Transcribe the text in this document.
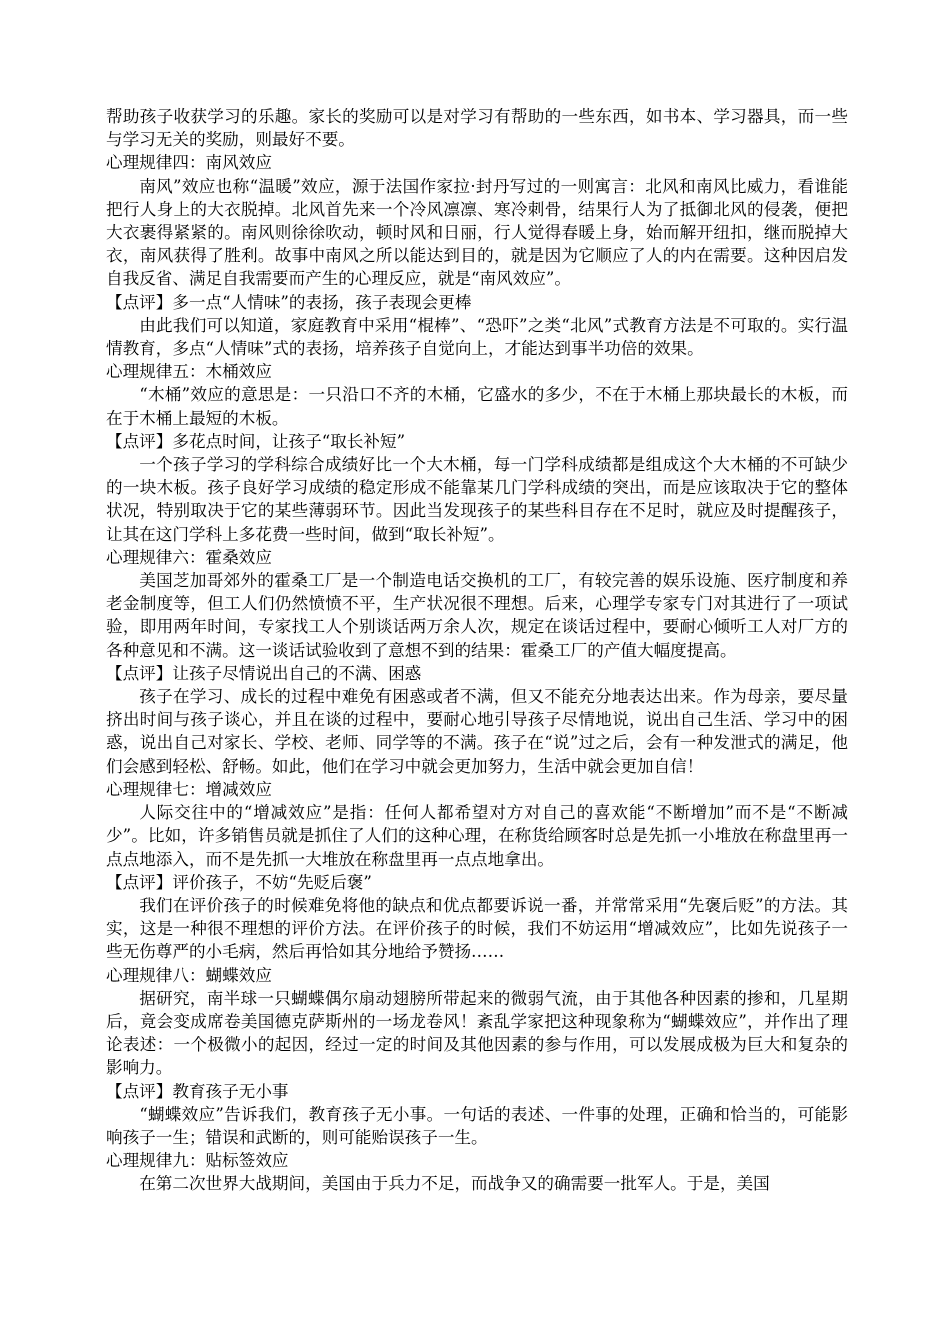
帮助孩子收获学习的乐趣。家长的奖励可以是对学习有帮助的一些东西，如书本、学习器具，而一些与学习无关的奖励，则最好不要。

心理规律四：南风效应

南风”效应也称“温暖”效应，源于法国作家拉·封丹写过的一则寓言：北风和南风比威力，看谁能把行人身上的大衣脱掉。北风首先来一个冷风凛凛、寒冷刺骨，结果行人为了抵御北风的侵袭，便把大衣裹得紧紧的。南风则徐徐吹动，顿时风和日丽，行人觉得春暖上身，始而解开纽扣，继而脱掉大衣，南风获得了胜利。故事中南风之所以能达到目的，就是因为它顺应了人的内在需要。这种因启发自我反省、满足自我需要而产生的心理反应，就是“南风效应”。

【点评】多一点“人情味”的表扬，孩子表现会更棒

由此我们可以知道，家庭教育中采用“棍棒”、“恐吓”之类“北风”式教育方法是不可取的。实行温情教育，多点“人情味”式的表扬，培养孩子自觉向上，才能达到事半功倍的效果。

心理规律五：木桶效应

“木桶”效应的意思是：一只沿口不齐的木桶，它盛水的多少，不在于木桶上那块最长的木板，而在于木桶上最短的木板。

【点评】多花点时间，让孩子“取长补短”

一个孩子学习的学科综合成绩好比一个大木桶，每一门学科成绩都是组成这个大木桶的不可缺少的一块木板。孩子良好学习成绩的稳定形成不能靠某几门学科成绩的突出，而是应该取决于它的整体状况，特别取决于它的某些薄弱环节。因此当发现孩子的某些科目存在不足时，就应及时提醒孩子，让其在这门学科上多花费一些时间，做到“取长补短”。

心理规律六：霍桑效应

美国芝加哥郊外的霍桑工厂是一个制造电话交换机的工厂，有较完善的娱乐设施、医疗制度和养老金制度等，但工人们仍然愤愤不平，生产状况很不理想。后来，心理学专家专门对其进行了一项试验，即用两年时间，专家找工人个别谈话两万余人次，规定在谈话过程中，要耐心倾听工人对厂方的各种意见和不满。这一谈话试验收到了意想不到的结果：霍桑工厂的产值大幅度提高。

【点评】让孩子尽情说出自己的不满、困惑

孩子在学习、成长的过程中难免有困惑或者不满，但又不能充分地表达出来。作为母亲，要尽量挤出时间与孩子谈心，并且在谈的过程中，要耐心地引导孩子尽情地说，说出自己生活、学习中的困惑，说出自己对家长、学校、老师、同学等的不满。孩子在“说”过之后，会有一种发泄式的满足，他们会感到轻松、舒畅。如此，他们在学习中就会更加努力，生活中就会更加自信！

心理规律七：增减效应

人际交往中的“增减效应”是指：任何人都希望对方对自己的喜欢能“不断增加”而不是“不断减少”。比如，许多销售员就是抓住了人们的这种心理，在称货给顾客时总是先抓一小堆放在称盘里再一点点地添入，而不是先抓一大堆放在称盘里再一点点地拿出。

【点评】评价孩子，不妨“先贬后褒”

我们在评价孩子的时候难免将他的缺点和优点都要诉说一番，并常常采用“先褒后贬”的方法。其实，这是一种很不理想的评价方法。在评价孩子的时候，我们不妨运用“增减效应”，比如先说孩子一些无伤尊严的小毛病，然后再恰如其分地给予赞扬……

心理规律八：蝴蝶效应

据研究，南半球一只蝴蝶偶尔扇动翅膀所带起来的微弱气流，由于其他各种因素的掺和，几星期后，竟会变成席卷美国德克萨斯州的一场龙卷风！紊乱学家把这种现象称为“蝴蝶效应”，并作出了理论表述：一个极微小的起因，经过一定的时间及其他因素的参与作用，可以发展成极为巨大和复杂的影响力。

【点评】教育孩子无小事

“蝴蝶效应”告诉我们，教育孩子无小事。一句话的表述、一件事的处理，正确和恰当的，可能影响孩子一生；错误和武断的，则可能贻误孩子一生。

心理规律九：贴标签效应

在第二次世界大战期间，美国由于兵力不足，而战争又的确需要一批军人。于是，美国
